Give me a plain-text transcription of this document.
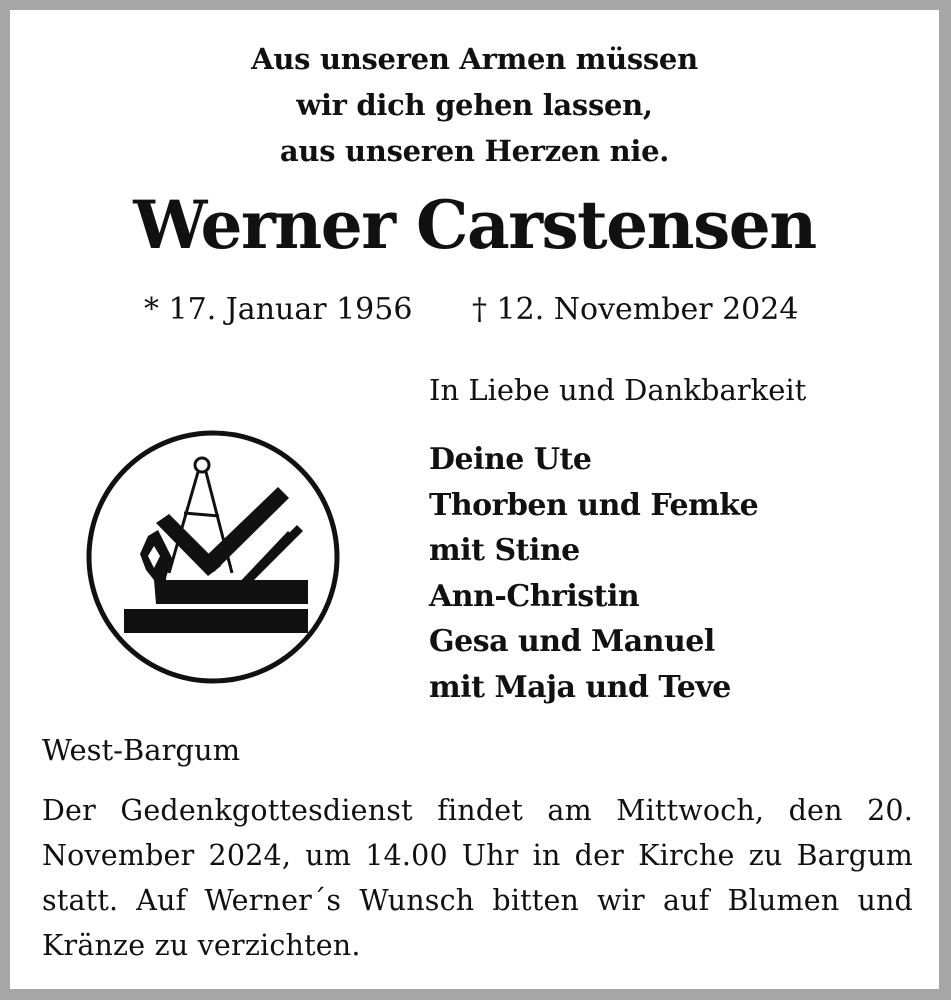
Aus unseren Armen müssen
wir dich gehen lassen,
aus unseren Herzen nie.
Werner Carstensen
* 17. Januar 1956 † 12. November 2024
In Liebe und Dankbarkeit
Deine Ute
Thorben und Femke
mit Stine
Ann-Christin
Gesa und Manuel
mit Maja und Teve
West-Bargum
Der Gedenkgottesdienst findet am Mittwoch, den 20. November 2024, um 14.00 Uhr in der Kirche zu Bargum statt. Auf Werner´s Wunsch bitten wir auf Blumen und Kränze zu verzichten.
